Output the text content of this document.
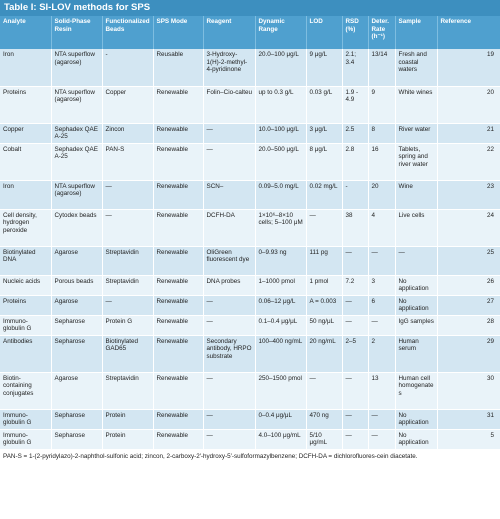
Table I: SI-LOV methods for SPS
Analyte	Solid-Phase Resin	Functionalized Beads	SPS Mode	Reagent	Dynamic Range	LOD	RSD (%)	Deter. Rate (h⁻¹)	Sample	Reference
Iron	NTA superflow (agarose)	-	Reusable	3-Hydroxy-1(H)-2-methyl-4-pyridinone	20.0–100 μg/L	9 μg/L	2.1; 3.4	13/14	Fresh and coastal waters	19
Proteins	NTA superflow (agarose)	Copper	Renewable	Folin–Cio-calteu	up to 0.3 g/L	0.03 g/L	1.9 - 4.9	9	White wines	20
Copper	Sephadex QAE A-25	Zincon	Renewable	—	10.0–100 μg/L	3 μg/L	2.5	8	River water	21
Cobalt	Sephadex QAE A-25	PAN-S	Renewable	—	20.0–500 μg/L	8 μg/L	2.8	16	Tablets, spring and river water	22
Iron	NTA superflow (agarose)	—	Renewable	SCN–	0.09–5.0 mg/L	0.02 mg/L	-	20	Wine	23
Cell density, hydrogen peroxide	Cytodex beads	—	Renewable	DCFH-DA	1×10⁶–8×10 cells; 5–100 μM	—	38	4	Live cells	24
Biotinylated DNA	Agarose	Streptavidin	Renewable	OliGreen fluorescent dye	0–9.93 ng	111 pg	—	—	—	25
Nucleic acids	Porous beads	Streptavidin	Renewable	DNA probes	1–1000 pmol	1 pmol	7.2	3	No application	26
Proteins	Agarose	—	Renewable	—	0.06–12 μg/L	A = 0.003	—	6	No application	27
Immuno-globulin G	Sepharose	Protein G	Renewable	—	0.1–0.4 μg/μL	50 ng/μL	—	—	IgG samples	28
Antibodies	Sepharose	Biotinylated GAD65	Renewable	Secondary antibody, HRPO substrate	100–400 ng/mL	20 ng/mL	2–5	2	Human serum	29
Biotin-containing conjugates	Agarose	Streptavidin	Renewable	—	250–1500 pmol	—	—	13	Human cell homogenates	30
Immuno-globulin G	Sepharose	Protein	Renewable	—	0–0.4 μg/μL	470 ng	—	—	No application	31
Immuno-globulin G	Sepharose	Protein	Renewable	—	4.0–100 μg/mL	5/10 μg/mL	—	—	No application	5
PAN-S = 1-(2-pyridylazo)-2-naphthol-sulfonic acid; zincon, 2-carboxy-2′-hydroxy-5′-sulfoformazylbenzene; DCFH-DA = dichlorofluores-cein diacetate.
